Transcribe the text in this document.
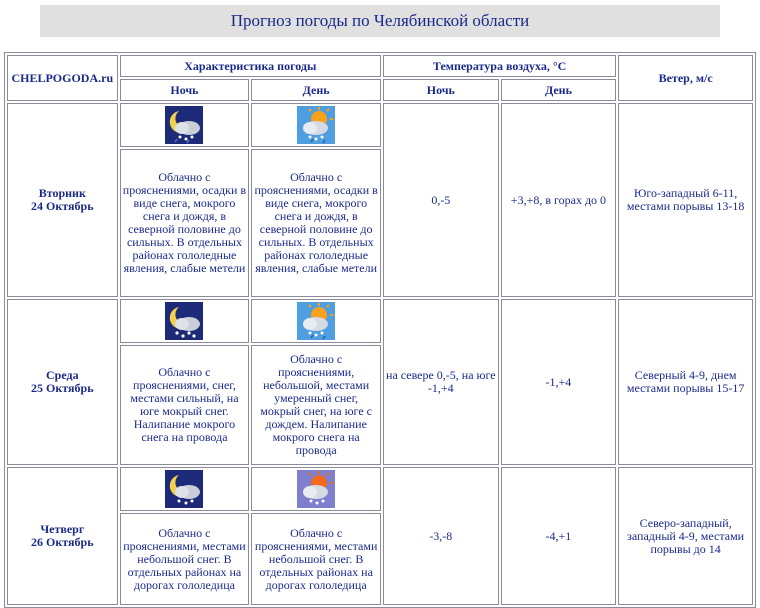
Прогноз погоды по Челябинской области
CHELPOGODA.ru	Характеристика погоды		Температура воздуха, °С		Ветер, м/с
	Ночь	День	Ночь	День	
Вторник
24 Октябрь			0,-5	+3,+8, в горах до 0	Юго-западный 6-11, местами порывы 13-18
	Облачно с прояснениями, осадки в виде снега, мокрого снега и дождя, в северной половине до сильных. В отдельных районах гололедные явления, слабые метели	Облачно с прояснениями, осадки в виде снега, мокрого снега и дождя, в северной половине до сильных. В отдельных районах гололедные явления, слабые метели			
Среда
25 Октябрь			на севере 0,-5, на юге -1,+4	-1,+4	Северный 4-9, днем местами порывы 15-17
	Облачно с прояснениями, снег, местами сильный, на юге мокрый снег. Налипание мокрого снега на провода	Облачно с прояснениями, небольшой, местами умеренный снег, мокрый снег, на юге с дождем. Налипание мокрого снега на провода			
Четверг
26 Октябрь			-3,-8	-4,+1	Северо-западный, западный 4-9, местами порывы до 14
	Облачно с прояснениями, местами небольшой снег. В отдельных районах на дорогах гололедица	Облачно с прояснениями, местами небольшой снег. В отдельных районах на дорогах гололедица			
